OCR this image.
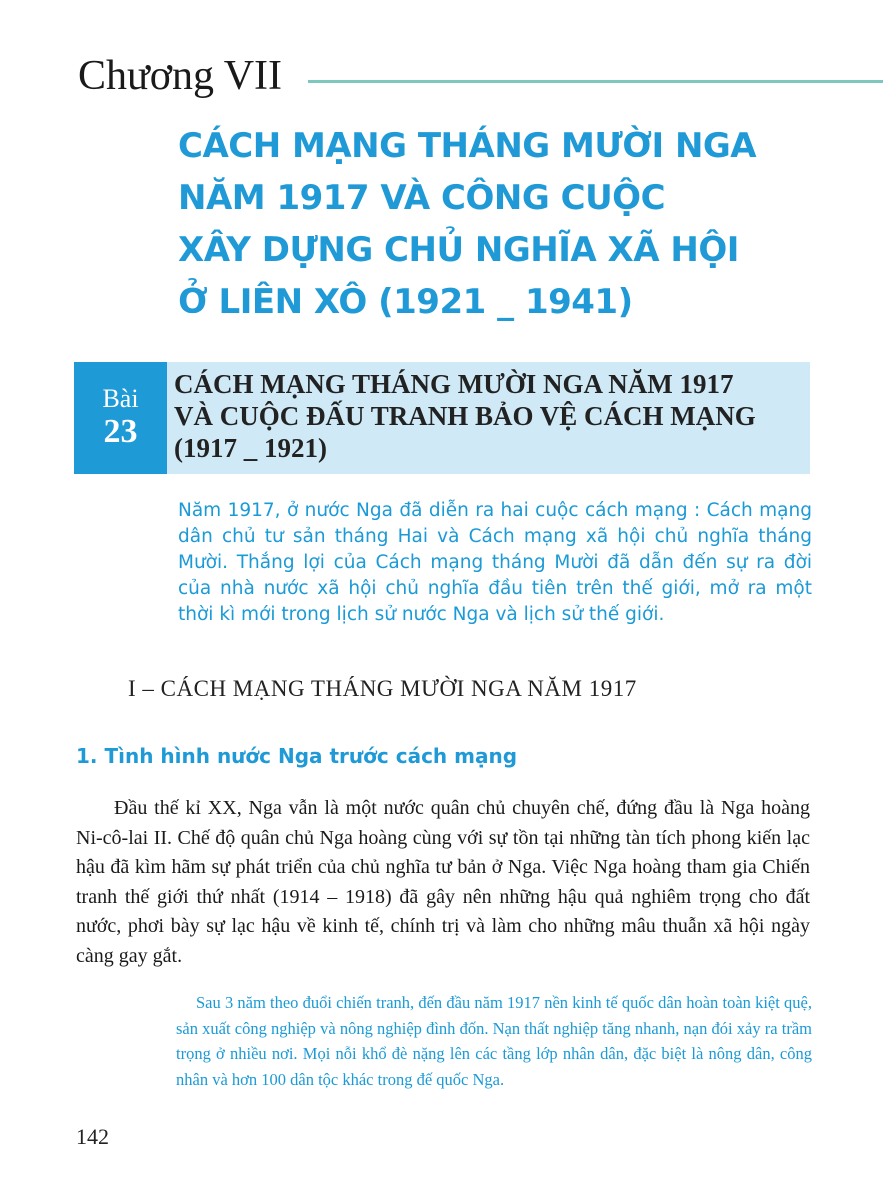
Chương VII
CÁCH MẠNG THÁNG MƯỜI NGA
NĂM 1917 VÀ CÔNG CUỘC
XÂY DỰNG CHỦ NGHĨA XÃ HỘI
Ở LIÊN XÔ (1921 _ 1941)
Bài
23
CÁCH MẠNG THÁNG MƯỜI NGA NĂM 1917
VÀ CUỘC ĐẤU TRANH BẢO VỆ CÁCH MẠNG
(1917 _ 1921)
Năm 1917, ở nước Nga đã diễn ra hai cuộc cách mạng : Cách mạng dân chủ tư sản tháng Hai và Cách mạng xã hội chủ nghĩa tháng Mười. Thắng lợi của Cách mạng tháng Mười đã dẫn đến sự ra đời của nhà nước xã hội chủ nghĩa đầu tiên trên thế giới, mở ra một thời kì mới trong lịch sử nước Nga và lịch sử thế giới.
I – CÁCH MẠNG THÁNG MƯỜI NGA NĂM 1917
1. Tình hình nước Nga trước cách mạng
Đầu thế kỉ XX, Nga vẫn là một nước quân chủ chuyên chế, đứng đầu là Nga hoàng Ni-cô-lai II. Chế độ quân chủ Nga hoàng cùng với sự tồn tại những tàn tích phong kiến lạc hậu đã kìm hãm sự phát triển của chủ nghĩa tư bản ở Nga. Việc Nga hoàng tham gia Chiến tranh thế giới thứ nhất (1914 – 1918) đã gây nên những hậu quả nghiêm trọng cho đất nước, phơi bày sự lạc hậu về kinh tế, chính trị và làm cho những mâu thuẫn xã hội ngày càng gay gắt.
Sau 3 năm theo đuổi chiến tranh, đến đầu năm 1917 nền kinh tế quốc dân hoàn toàn kiệt quệ, sản xuất công nghiệp và nông nghiệp đình đốn. Nạn thất nghiệp tăng nhanh, nạn đói xảy ra trầm trọng ở nhiều nơi. Mọi nỗi khổ đè nặng lên các tầng lớp nhân dân, đặc biệt là nông dân, công nhân và hơn 100 dân tộc khác trong đế quốc Nga.
142
